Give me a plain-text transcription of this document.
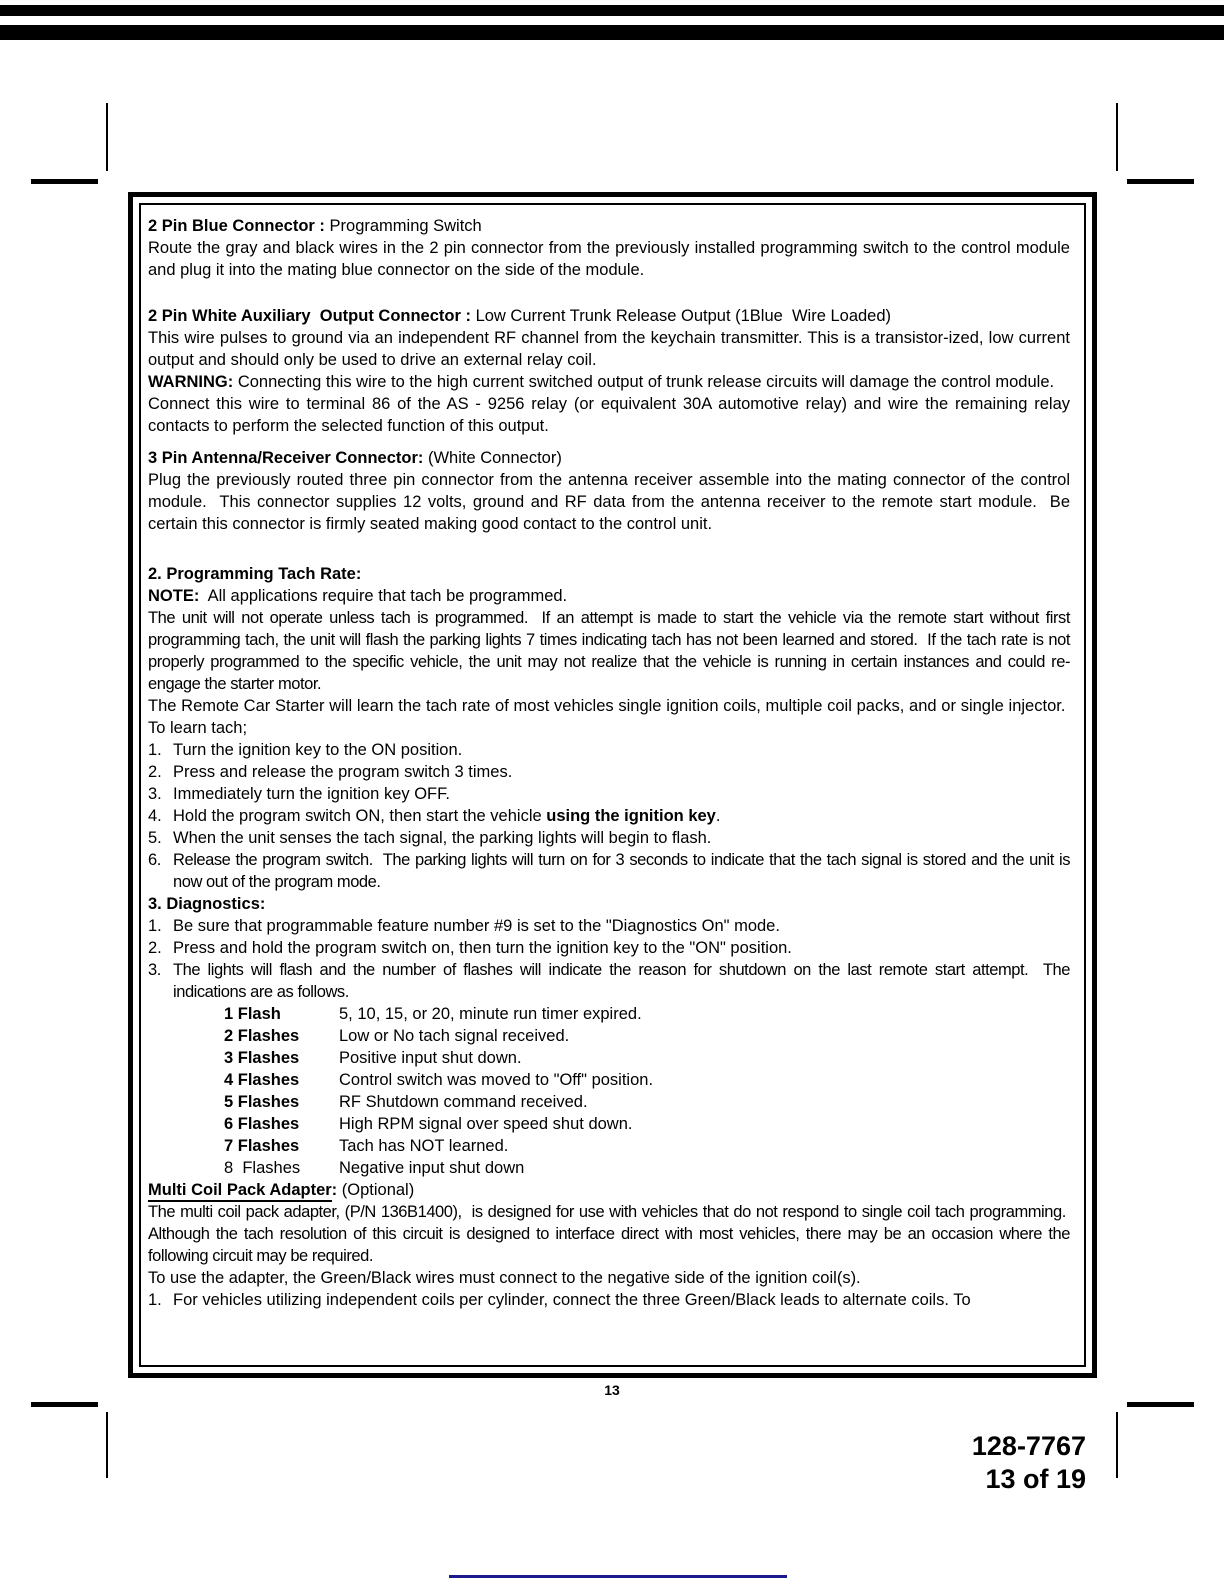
2 Pin Blue Connector : Programming Switch

Route the gray and black wires in the 2 pin connector from the previously installed programming switch to the control module and plug it into the mating blue connector on the side of the module.

2 Pin White Auxiliary  Output Connector : Low Current Trunk Release Output (1Blue  Wire Loaded)

This wire pulses to ground via an independent RF channel from the keychain transmitter. This is a transistor-ized, low current output and should only be used to drive an external relay coil.

WARNING: Connecting this wire to the high current switched output of trunk release circuits will damage the control module.

Connect this wire to terminal 86 of the AS - 9256 relay (or equivalent 30A automotive relay) and wire the remaining relay contacts to perform the selected function of this output.

3 Pin Antenna/Receiver Connector: (White Connector)

Plug the previously routed three pin connector from the antenna receiver assemble into the mating connector of the control module.  This connector supplies 12 volts, ground and RF data from the antenna receiver to the remote start module.  Be certain this connector is firmly seated making good contact to the control unit.

2. Programming Tach Rate:

NOTE:  All applications require that tach be programmed.

The unit will not operate unless tach is programmed.  If an attempt is made to start the vehicle via the remote start without first programming tach, the unit will flash the parking lights 7 times indicating tach has not been learned and stored.  If the tach rate is not properly programmed to the specific vehicle, the unit may not realize that the vehicle is running in certain instances and could re-engage the starter motor.

The Remote Car Starter will learn the tach rate of most vehicles single ignition coils, multiple coil packs, and or single injector.  To learn tach;

1. Turn the ignition key to the ON position.
2. Press and release the program switch 3 times.
3. Immediately turn the ignition key OFF.
4. Hold the program switch ON, then start the vehicle using the ignition key.
5. When the unit senses the tach signal, the parking lights will begin to flash.
6. Release the program switch.  The parking lights will turn on for 3 seconds to indicate that the tach signal is stored and the unit is now out of the program mode.

3. Diagnostics:

1. Be sure that programmable feature number #9 is set to the "Diagnostics On" mode.
2. Press and hold the program switch on, then turn the ignition key to the "ON" position.
3. The lights will flash and the number of flashes will indicate the reason for shutdown on the last remote start attempt.  The indications are as follows.
1 Flash	5, 10, 15, or 20, minute run timer expired.
2 Flashes Low or No tach signal received.
3 Flashes Positive input shut down.
4 Flashes Control switch was moved to "Off" position.
5 Flashes RF Shutdown command received.
6 Flashes High RPM signal over speed shut down.
7 Flashes Tach has NOT learned.
8  Flashes Negative input shut down

Multi Coil Pack Adapter: (Optional)

The multi coil pack adapter, (P/N 136B1400),  is designed for use with vehicles that do not respond to single coil tach programming.  Although the tach resolution of this circuit is designed to interface direct with most vehicles, there may be an occasion where the following circuit may be required.

To use the adapter, the Green/Black wires must connect to the negative side of the ignition coil(s).

1. For vehicles utilizing independent coils per cylinder, connect the three Green/Black leads to alternate coils. To
13
128-7767
13 of 19
